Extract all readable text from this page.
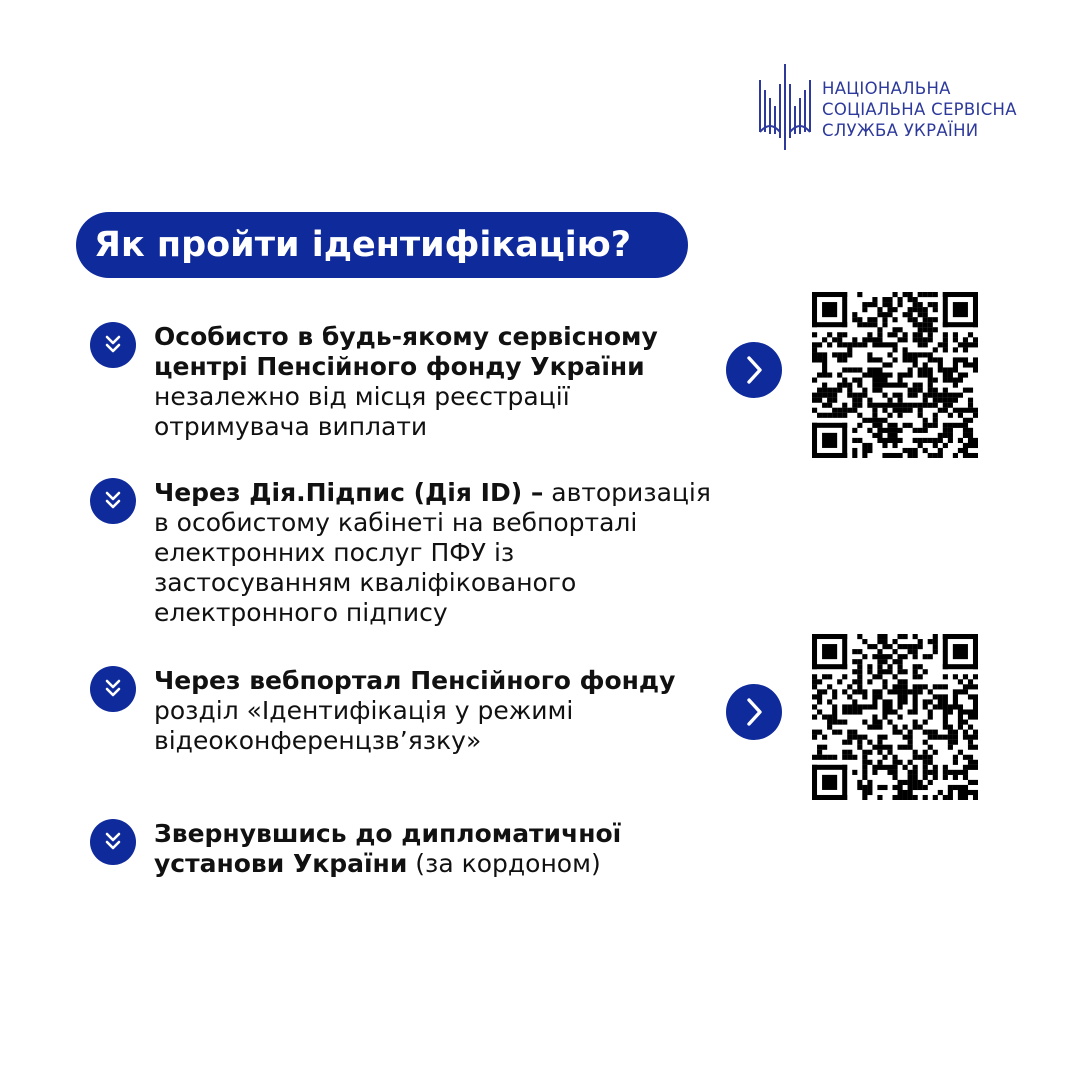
НАЦІОНАЛЬНА
СОЦІАЛЬНА СЕРВІСНА
СЛУЖБА УКРАЇНИ
Як пройти ідентифікацію?
Особисто в будь-якому сервісному
центрі Пенсійного фонду України
незалежно від місця реєстрації
отримувача виплати
Через Дія.Підпис (Дія ID) – авторизація
в особистому кабінеті на вебпорталі
електронних послуг ПФУ із
застосуванням кваліфікованого
електронного підпису
Через вебпортал Пенсійного фонду
розділ «Ідентифікація у режимі
відеоконференцзв’язку»
Звернувшись до дипломатичної
установи України (за кордоном)
